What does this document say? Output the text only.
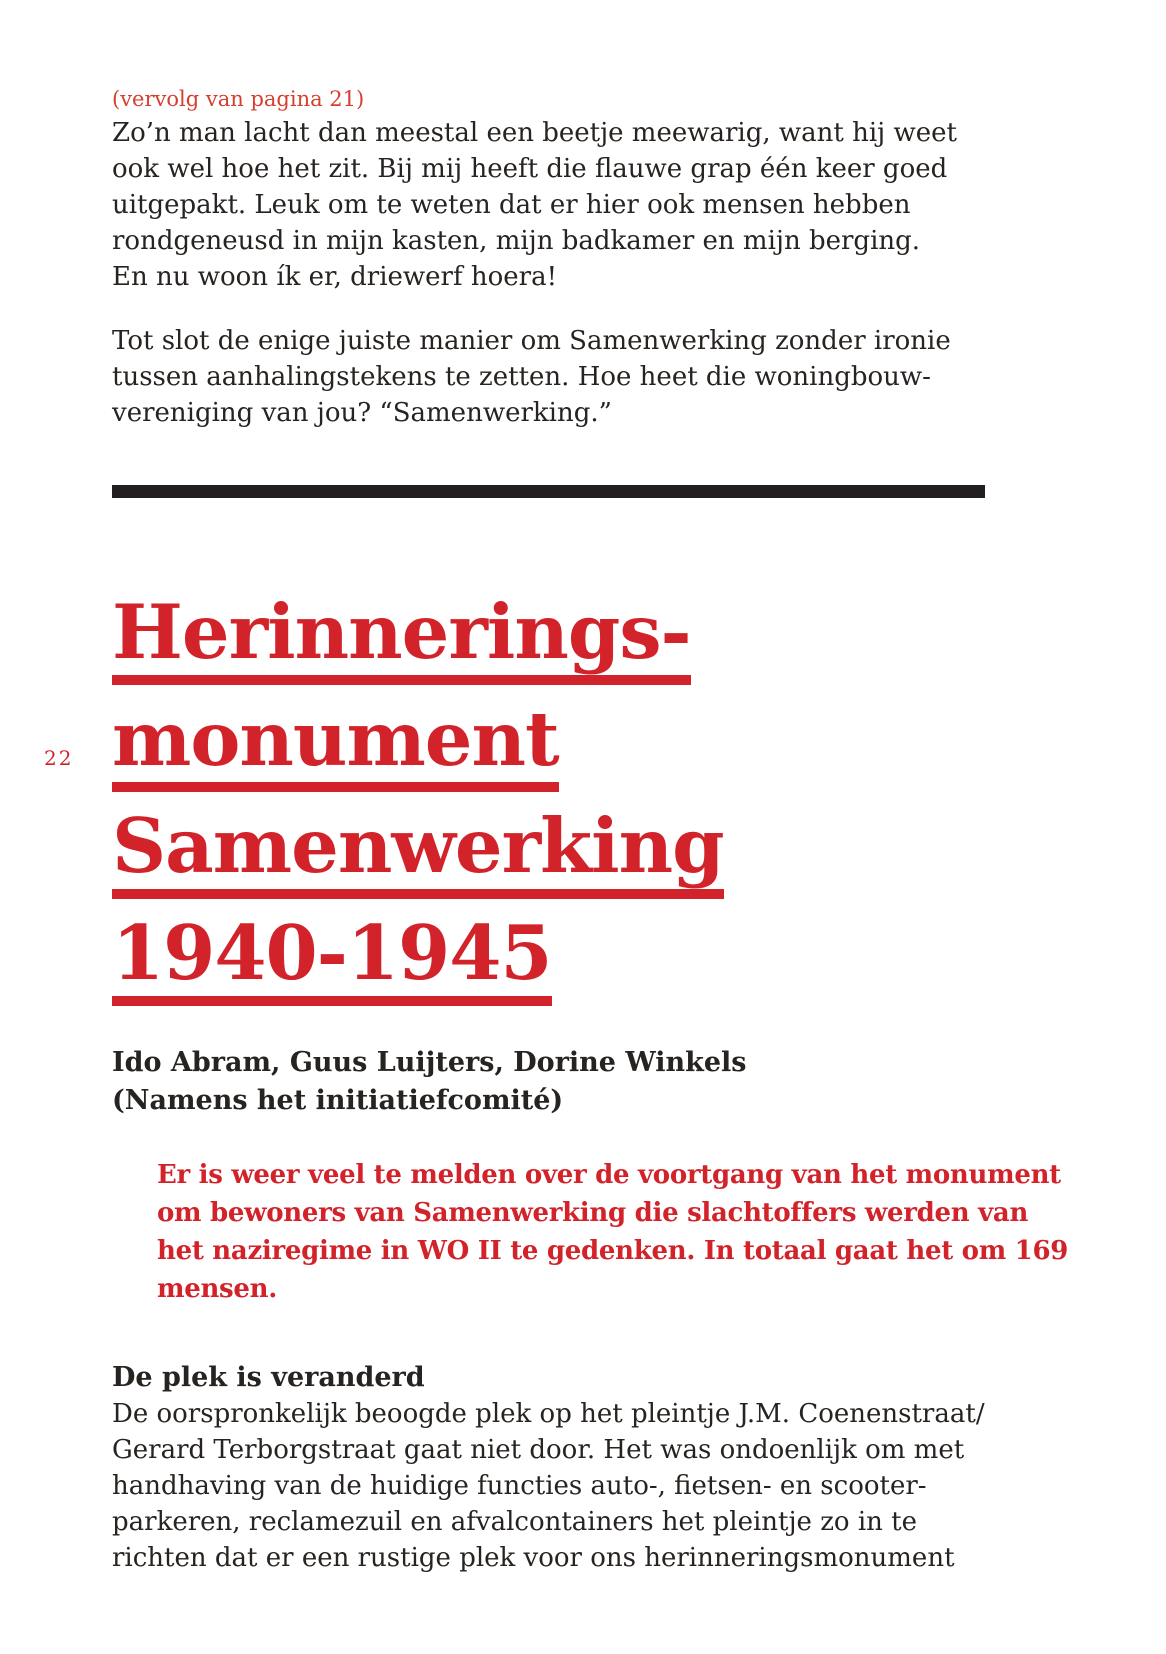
22
(vervolg van pagina 21)
Zo’n man lacht dan meestal een beetje meewarig, want hij weet
ook wel hoe het zit. Bij mij heeft die flauwe grap één keer goed
uitgepakt. Leuk om te weten dat er hier ook mensen hebben
rondgeneusd in mijn kasten, mijn badkamer en mijn berging.
En nu woon ík er, driewerf hoera!
Tot slot de enige juiste manier om Samenwerking zonder ironie
tussen aanhalingstekens te zetten. Hoe heet die woningbouw-
vereniging van jou? “Samenwerking.”
Herinnerings-
monument
Samenwerking
1940-1945
Ido Abram, Guus Luijters, Dorine Winkels
(Namens het initiatiefcomité)
Er is weer veel te melden over de voortgang van het monument
om bewoners van Samenwerking die slachtoffers werden van
het naziregime in WO II te gedenken. In totaal gaat het om 169
mensen.
De plek is veranderd
De oorspronkelijk beoogde plek op het pleintje J.M. Coenenstraat/
Gerard Terborgstraat gaat niet door. Het was ondoenlijk om met
handhaving van de huidige functies auto-, fietsen- en scooter-
parkeren, reclamezuil en afvalcontainers het pleintje zo in te
richten dat er een rustige plek voor ons herinneringsmonument
